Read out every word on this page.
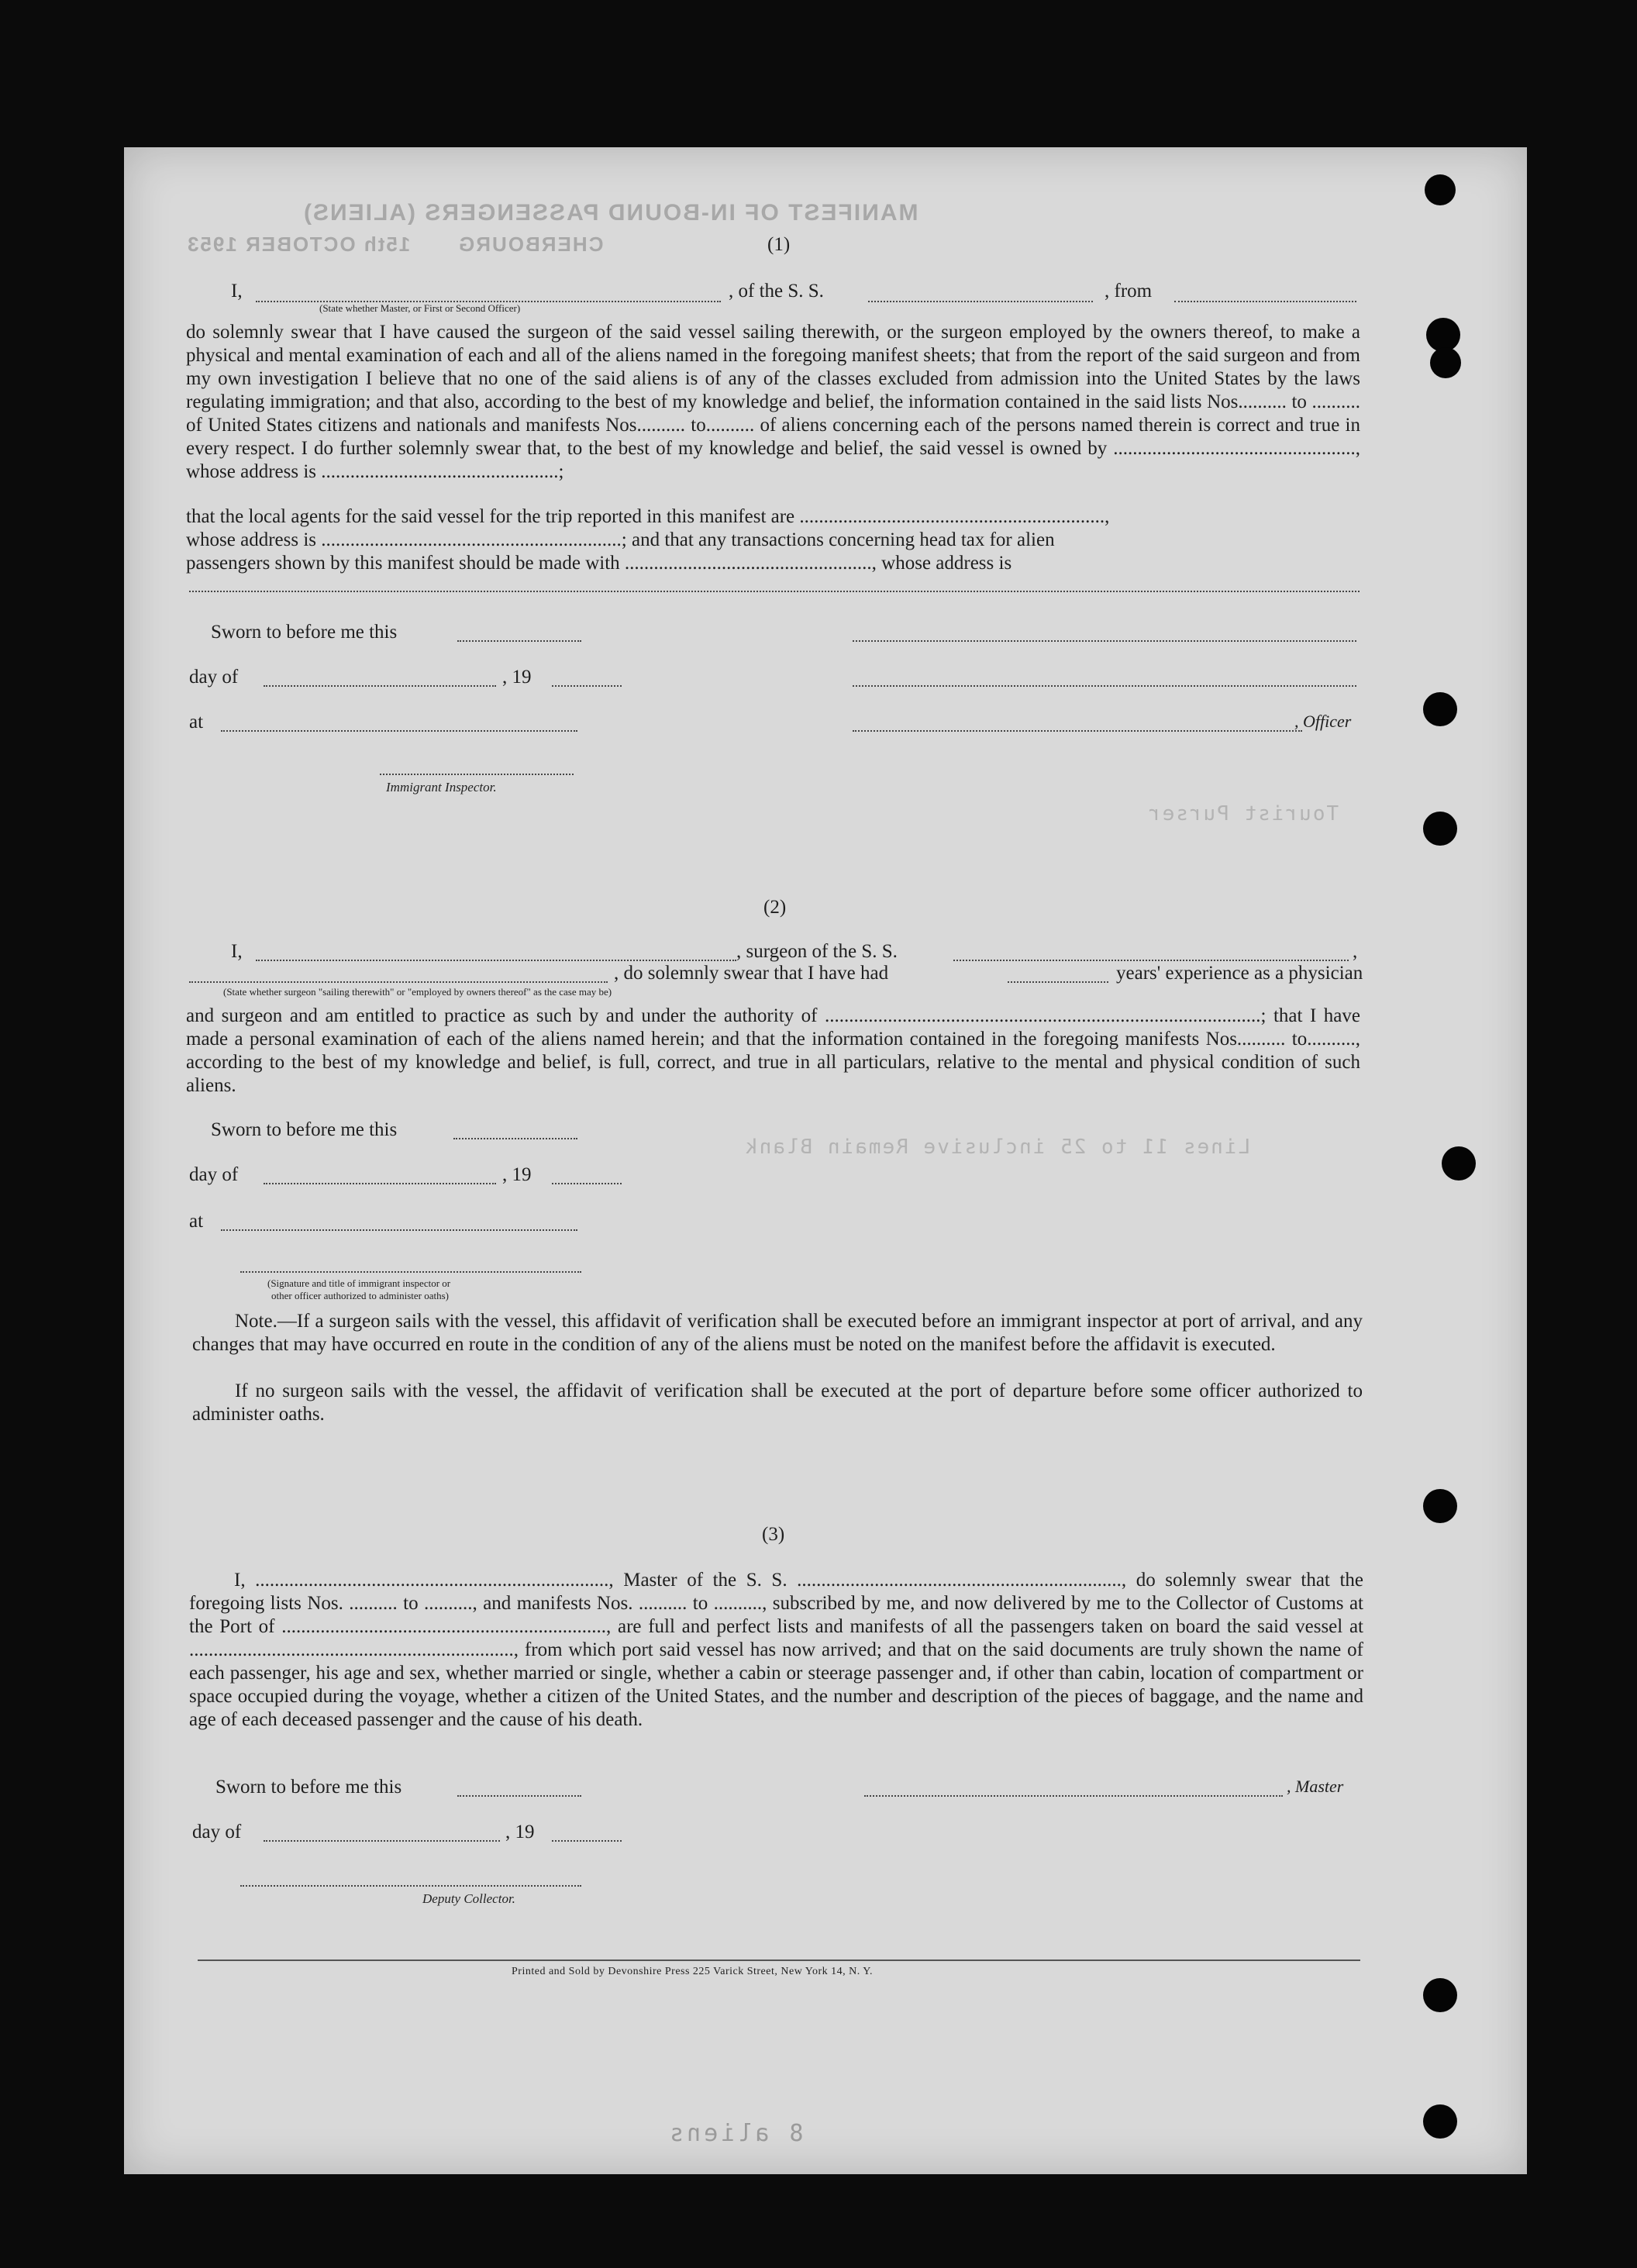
MANIFEST OF IN-BOUND PASSENGERS (ALIENS)
CHERBOURG
15th OCTOBER 1953
Tourist Purser
Lines 11 to 25 inclusive Remain Blank
(1)
I,
(State whether Master, or First or Second Officer)
, of the S. S.	, from
do solemnly swear that I have caused the surgeon of the said vessel sailing therewith, or the surgeon employed by the owners thereof, to make a physical and mental examination of each and all of the aliens named in the foregoing manifest sheets; that from the report of the said surgeon and from my own investigation I believe that no one of the said aliens is of any of the classes excluded from admission into the United States by the laws regulating immigration; and that also, according to the best of my knowledge and belief, the information contained in the said lists Nos.......... to .......... of United States citizens and nationals and manifests Nos.......... to.......... of aliens concerning each of the persons named therein is correct and true in every respect. I do further solemnly swear that, to the best of my knowledge and belief, the said vessel is owned by .................................................., whose address is .................................................;
that the local agents for the said vessel for the trip reported in this manifest are ...............................................................,
whose address is ..............................................................; and that any transactions concerning head tax for alien
passengers shown by this manifest should be made with ..................................................., whose address is
Sworn to before me this
day of	, 19
at	, Officer
Immigrant Inspector.
(2)
I,	, surgeon of the S. S.	,
, do solemnly swear that I have had	years' experience as a physician
(State whether surgeon "sailing therewith" or "employed by owners thereof" as the case may be)
and surgeon and am entitled to practice as such by and under the authority of ..........................................................................................; that I have made a personal examination of each of the aliens named herein; and that the information contained in the foregoing manifests Nos.......... to.........., according to the best of my knowledge and belief, is full, correct, and true in all particulars, relative to the mental and physical condition of such aliens.
Sworn to before me this
day of	, 19
at
(Signature and title of immigrant inspector or
other officer authorized to administer oaths)
Note.—If a surgeon sails with the vessel, this affidavit of verification shall be executed before an immigrant inspector at port of arrival, and any changes that may have occurred en route in the condition of any of the aliens must be noted on the manifest before the affidavit is executed.
If no surgeon sails with the vessel, the affidavit of verification shall be executed at the port of departure before some officer authorized to administer oaths.
(3)
I, ........................................................................., Master of the S. S. ..................................................................., do solemnly swear that the foregoing lists Nos. .......... to .........., and manifests Nos. .......... to .........., subscribed by me, and now delivered by me to the Collector of Customs at the Port of ..................................................................., are full and perfect lists and manifests of all the passengers taken on board the said vessel at ..................................................................., from which port said vessel has now arrived; and that on the said documents are truly shown the name of each passenger, his age and sex, whether married or single, whether a cabin or steerage passenger and, if other than cabin, location of compartment or space occupied during the voyage, whether a citizen of the United States, and the number and description of the pieces of baggage, and the name and age of each deceased passenger and the cause of his death.
Sworn to before me this	, Master
day of	, 19
Deputy Collector.
Printed and Sold by Devonshire Press 225 Varick Street, New York 14, N. Y.
8 aliens
